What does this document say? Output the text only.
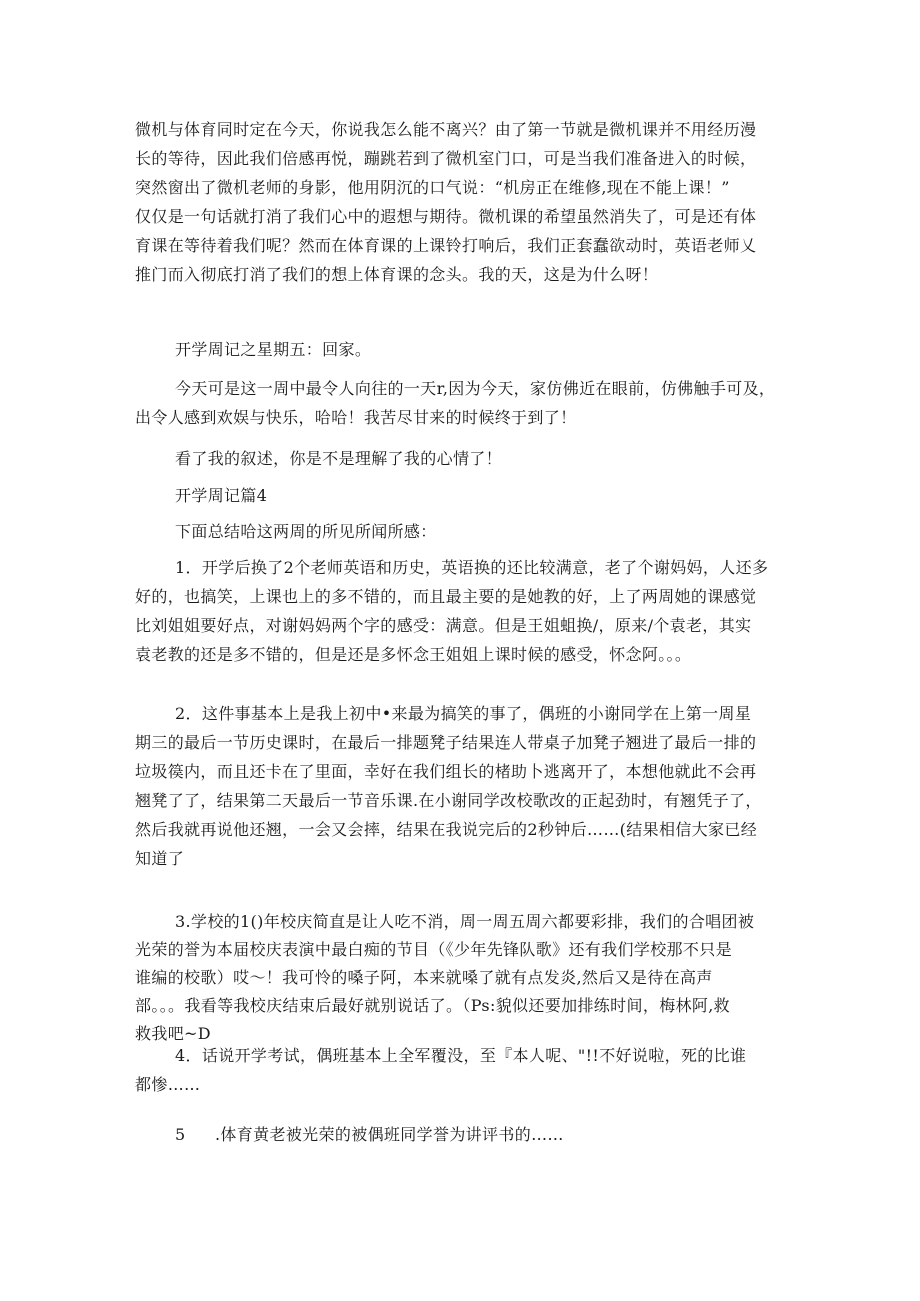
微机与体育同时定在今天，你说我怎么能不离兴？由了第一节就是微机课并不用经历漫
长的等待，因此我们倍感再悦，蹦跳若到了微机室门口，可是当我们准备进入的时候，
突然窗出了微机老师的身影，他用阴沉的口气说：“机房正在维修,现在不能上课！”
仅仅是一句话就打消了我们心中的遐想与期待。微机课的希望虽然消失了，可是还有体
育课在等待着我们呢？然而在体育课的上课铃打响后，我们正套蠢欲动时，英语老师乂
推门而入彻底打消了我们的想上体育课的念头。我的天，这是为什么呀！

开学周记之星期五：回家。

今天可是这一周中最令人向往的一天r,因为今天，家仿佛近在眼前，仿佛触手可及，
出令人感到欢娱与快乐，哈哈！我苦尽甘来的时候终于到了！

看了我的叙述，你是不是理解了我的心情了！

开学周记篇4

下面总结哈这两周的所见所闻所感：

1．开学后换了2个老师英语和历史，英语换的还比较满意，老了个谢妈妈，人还多
好的，也搞笑，上课也上的多不错的，而且最主要的是她教的好，上了两周她的课感觉
比刘姐姐要好点，对谢妈妈两个字的感受：满意。但是王姐蛆换/，原来/个袁老，其实
袁老教的还是多不错的，但是还是多怀念王姐姐上课时候的感受，怀念阿。。。

2．这件事基本上是我上初中•来最为搞笑的事了，偶班的小谢同学在上第一周星
期三的最后一节历史课时，在最后一排题凳子结果连人带桌子加凳子翘进了最后一排的
垃圾篌内，而且还卡在了里面，幸好在我们组长的楮助卜逃离开了，本想他就此不会再
翘凳了了，结果第二天最后一节音乐课.在小谢同学改校歌改的正起劲时，有翘凭子了，
然后我就再说他还翘，一会又会摔，结果在我说完后的2秒钟后……(结果相信大家已经
知道了

3.学校的1()年校庆简直是让人吃不消，周一周五周六都要彩排，我们的合唱团被
光荣的誉为本届校庆表演中最白痴的节目（《少年先锋队歌》还有我们学校那不只是
谁编的校歌）哎～！我可怜的嗓子阿，本来就嗓了就有点发炎,然后又是待在高声
部。。。我看等我校庆结束后最好就别说话了。（Ps:貌似还要加排练时间，梅林阿,救
救我吧~D

4．话说开学考试，偶班基本上全军覆没，至『本人呢、"!!不好说啦，死的比谁
都惨……

5 .体育黄老被光荣的被偶班同学誉为讲评书的……
